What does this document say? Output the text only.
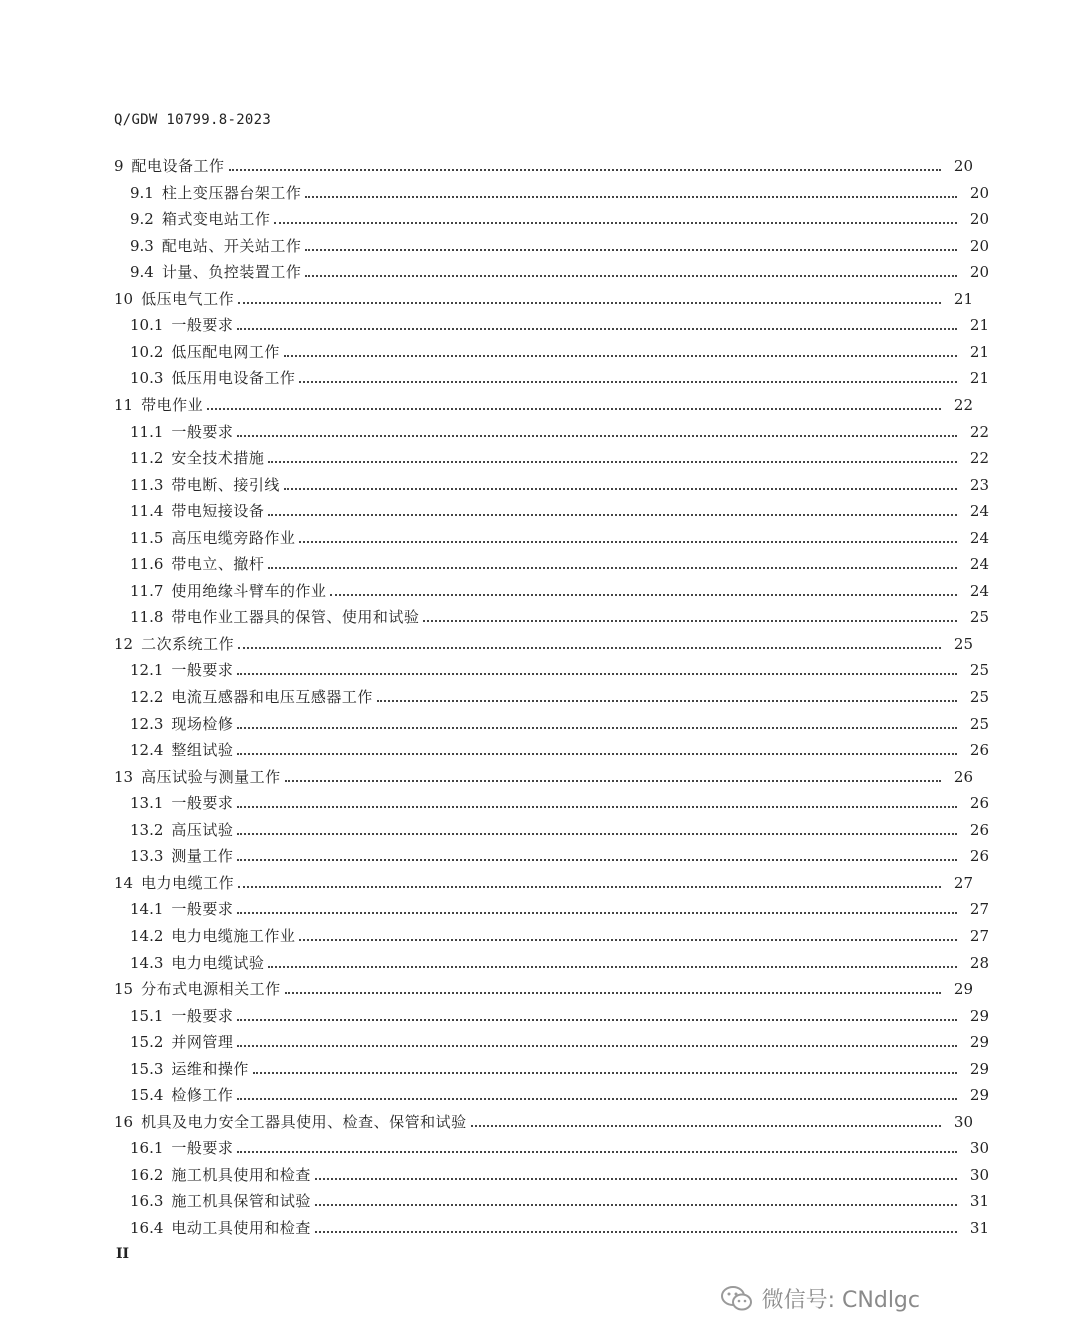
Q/GDW 10799.8-2023
9 配电设备工作	20
9.1 柱上变压器台架工作	20
9.2 箱式变电站工作	20
9.3 配电站、开关站工作	20
9.4 计量、负控装置工作	20
10 低压电气工作	21
10.1 一般要求	21
10.2 低压配电网工作	21
10.3 低压用电设备工作	21
11 带电作业	22
11.1 一般要求	22
11.2 安全技术措施	22
11.3 带电断、接引线	23
11.4 带电短接设备	24
11.5 高压电缆旁路作业	24
11.6 带电立、撤杆	24
11.7 使用绝缘斗臂车的作业	24
11.8 带电作业工器具的保管、使用和试验	25
12 二次系统工作	25
12.1 一般要求	25
12.2 电流互感器和电压互感器工作	25
12.3 现场检修	25
12.4 整组试验	26
13 高压试验与测量工作	26
13.1 一般要求	26
13.2 高压试验	26
13.3 测量工作	26
14 电力电缆工作	27
14.1 一般要求	27
14.2 电力电缆施工作业	27
14.3 电力电缆试验	28
15 分布式电源相关工作	29
15.1 一般要求	29
15.2 并网管理	29
15.3 运维和操作	29
15.4 检修工作	29
16 机具及电力安全工器具使用、检查、保管和试验	30
16.1 一般要求	30
16.2 施工机具使用和检查	30
16.3 施工机具保管和试验	31
16.4 电动工具使用和检查	31
II
微信号: CNdlgc
